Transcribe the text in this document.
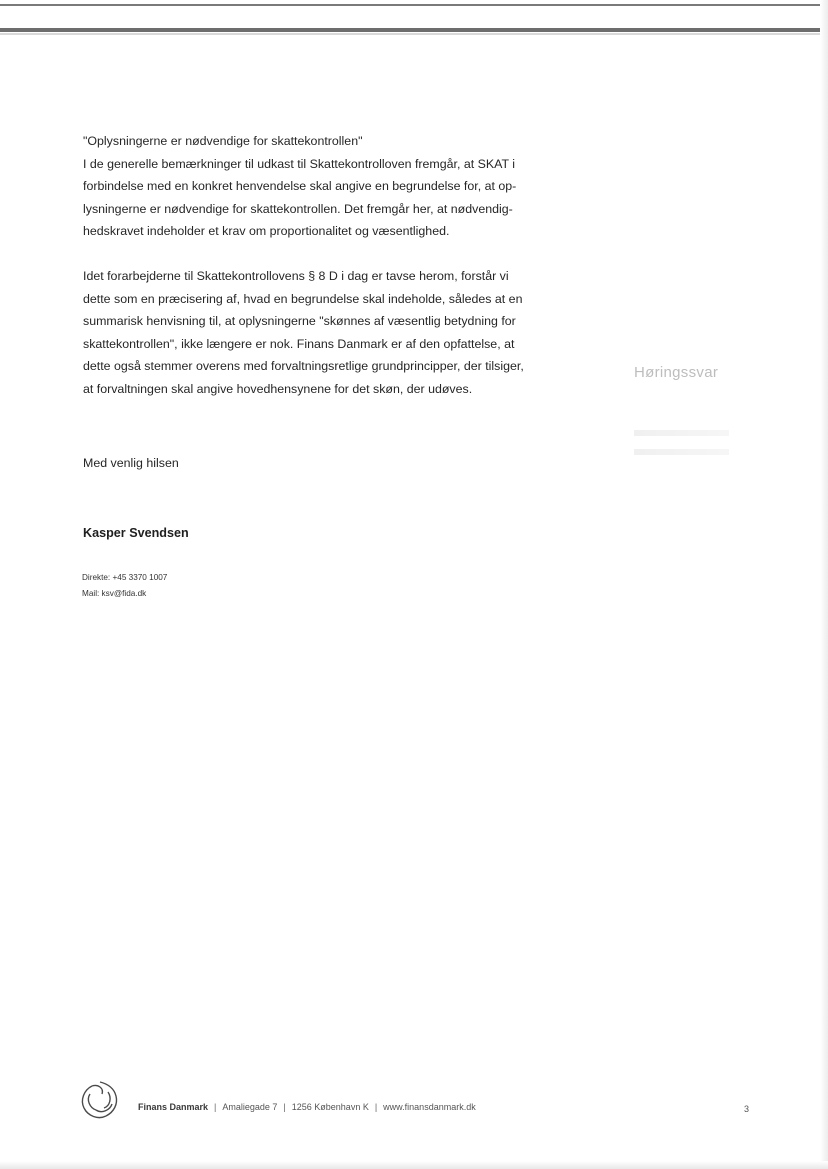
"Oplysningerne er nødvendige for skattekontrollen"
I de generelle bemærkninger til udkast til Skattekontrolloven fremgår, at SKAT i
forbindelse med en konkret henvendelse skal angive en begrundelse for, at op-
lysningerne er nødvendige for skattekontrollen. Det fremgår her, at nødvendig-
hedskravet indeholder et krav om proportionalitet og væsentlighed.

Idet forarbejderne til Skattekontrollovens § 8 D i dag er tavse herom, forstår vi
dette som en præcisering af, hvad en begrundelse skal indeholde, således at en
summarisk henvisning til, at oplysningerne "skønnes af væsentlig betydning for
skattekontrollen", ikke længere er nok. Finans Danmark er af den opfattelse, at
dette også stemmer overens med forvaltningsretlige grundprincipper, der tilsiger,
at forvaltningen skal angive hovedhensynene for det skøn, der udøves.

Høringssvar
Med venlig hilsen
Kasper Svendsen
Direkte: +45 3370 1007
Mail: ksv@fida.dk
Finans Danmark | Amaliegade 7 | 1256 København K | www.finansdanmark.dk	3
